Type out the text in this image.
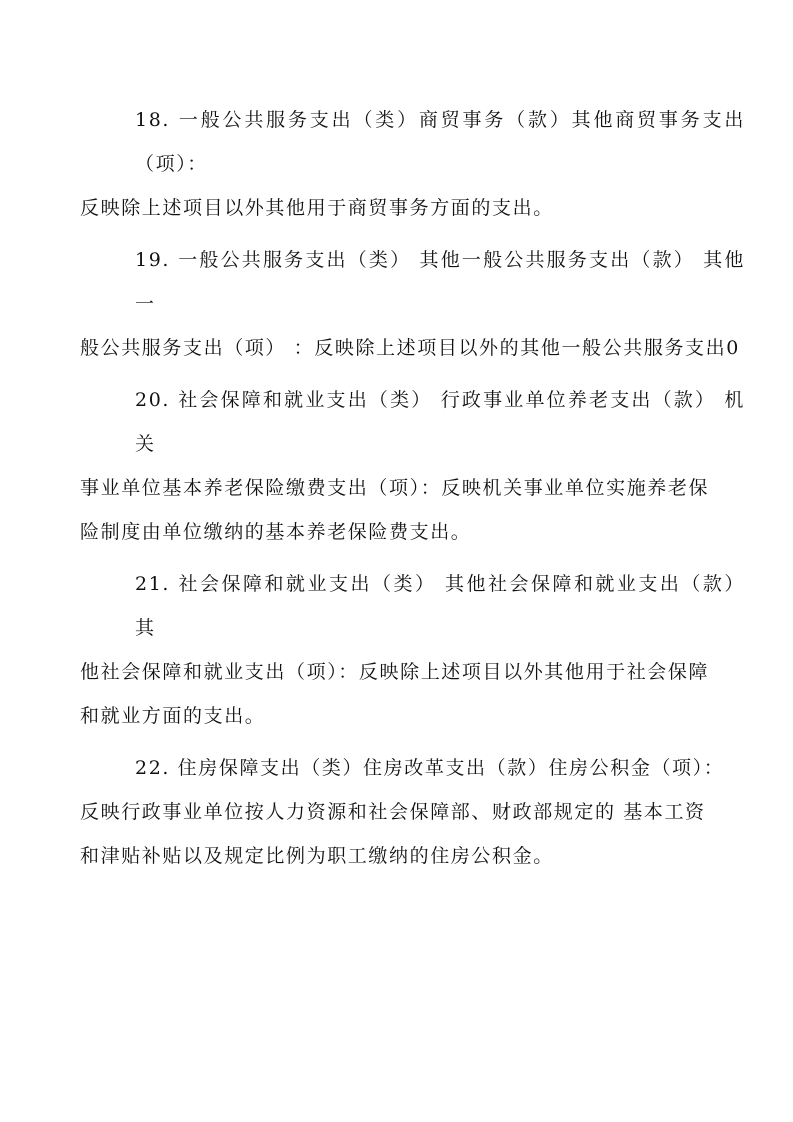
18. 一般公共服务支出（类）商贸事务（款）其他商贸事务支出（项）：
反映除上述项目以外其他用于商贸事务方面的支出。

19. 一般公共服务支出（类） 其他一般公共服务支出（款） 其他一
般公共服务支出（项） ：反映除上述项目以外的其他一般公共服务支出0

20. 社会保障和就业支出（类） 行政事业单位养老支出（款） 机关
事业单位基本养老保险缴费支出（项）：反映机关事业单位实施养老保
险制度由单位缴纳的基本养老保险费支出。

21. 社会保障和就业支出（类） 其他社会保障和就业支出（款） 其
他社会保障和就业支出（项）：反映除上述项目以外其他用于社会保障
和就业方面的支出。

22. 住房保障支出（类）住房改革支出（款）住房公积金（项）：
反映行政事业单位按人力资源和社会保障部、财政部规定的 基本工资
和津贴补贴以及规定比例为职工缴纳的住房公积金。
